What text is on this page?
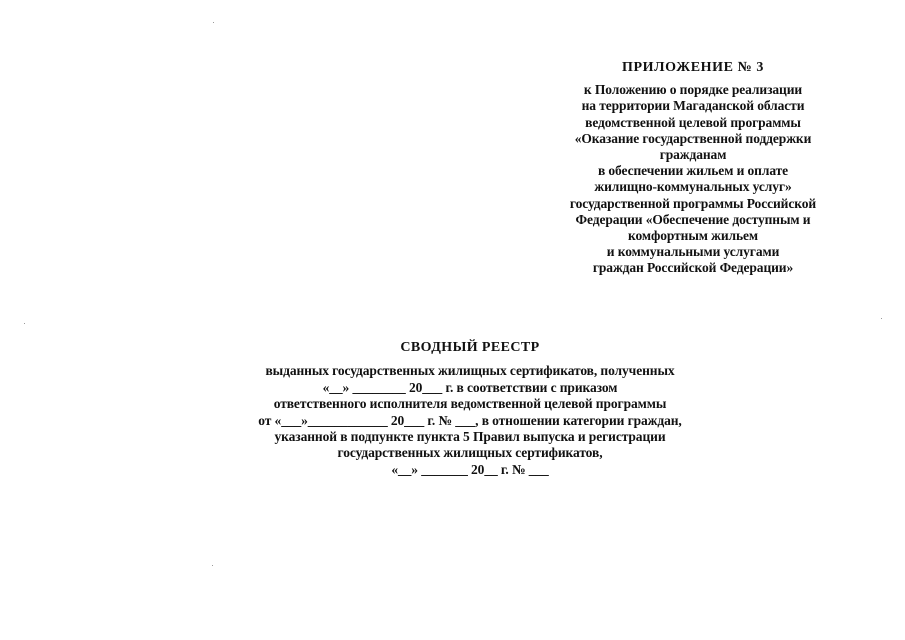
ПРИЛОЖЕНИЕ № 3
к Положению о порядке реализации
на территории Магаданской области
ведомственной целевой программы
«Оказание государственной поддержки
гражданам
в обеспечении жильем и оплате
жилищно-коммунальных услуг»
государственной программы Российской
Федерации «Обеспечение доступным и
комфортным жильем
и коммунальными услугами
граждан Российской Федерации»
СВОДНЫЙ РЕЕСТР
выданных государственных жилищных сертификатов, полученных
«__» ________ 20___ г. в соответствии с приказом
ответственного исполнителя ведомственной целевой программы
от «___»____________ 20___ г. № ___, в отношении категории граждан,
указанной в подпункте пункта 5 Правил выпуска и регистрации
государственных жилищных сертификатов,
«__» _______ 20__ г. № ___
